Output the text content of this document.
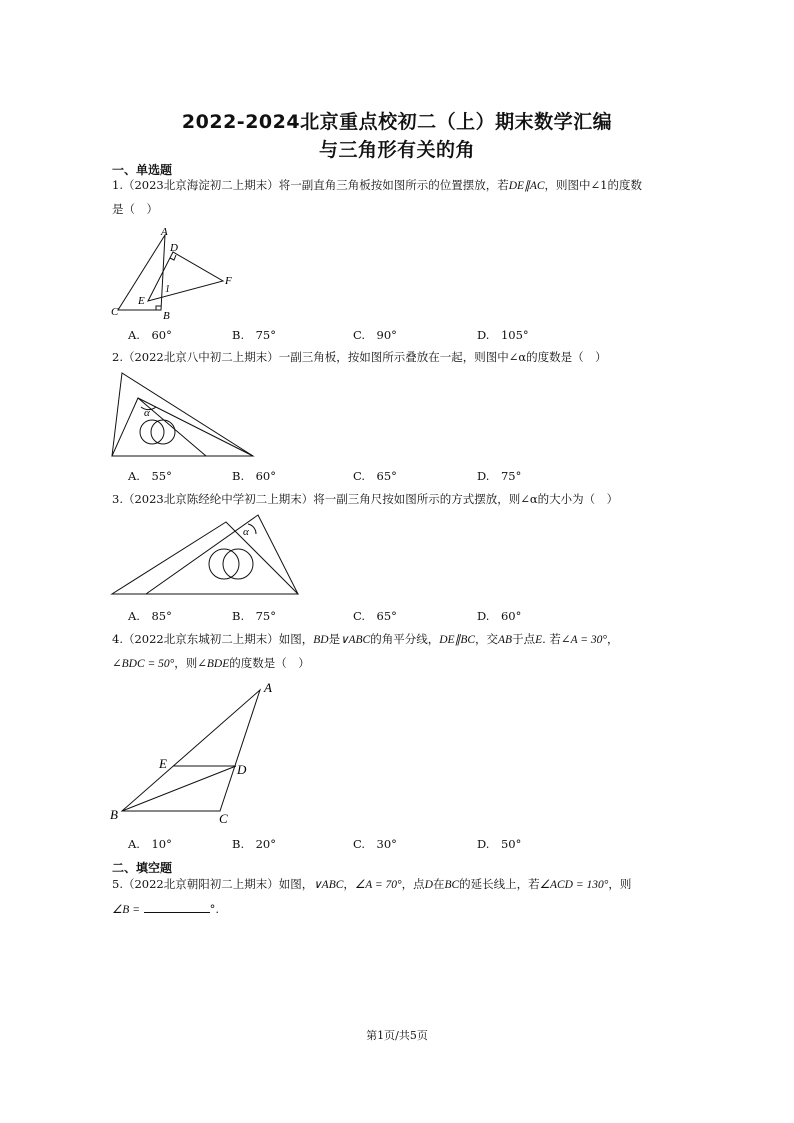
2022-2024北京重点校初二（上）期末数学汇编
与三角形有关的角
一、单选题
1.（2023北京海淀初二上期末）将一副直角三角板按如图所示的位置摆放，若DE∥AC，则图中∠1的度数
是（　）
A
B
C
D
E
F
1
A.　60°	B.　75°	C.　90°	D.　105°
2.（2022北京八中初二上期末）一副三角板，按如图所示叠放在一起，则图中∠α的度数是（　）
α
A.　55°	B.　60°	C.　65°	D.　75°
3.（2023北京陈经纶中学初二上期末）将一副三角尺按如图所示的方式摆放，则∠α的大小为（　）
α
A.　85°	B.　75°	C.　65°	D.　60°
4.（2022北京东城初二上期末）如图，BD是∨ABC的角平分线，DE∥BC，交AB于点E. 若∠A = 30°，
∠BDC = 50°，则∠BDE的度数是（　）
A
B	C
D
E
A.　10°	B.　20°	C.　30°	D.　50°
二、填空题
5.（2022北京朝阳初二上期末）如图，∨ABC，∠A = 70°，点D在BC的延长线上，若∠ACD = 130°，则
∠B =	°.
第1页/共5页
